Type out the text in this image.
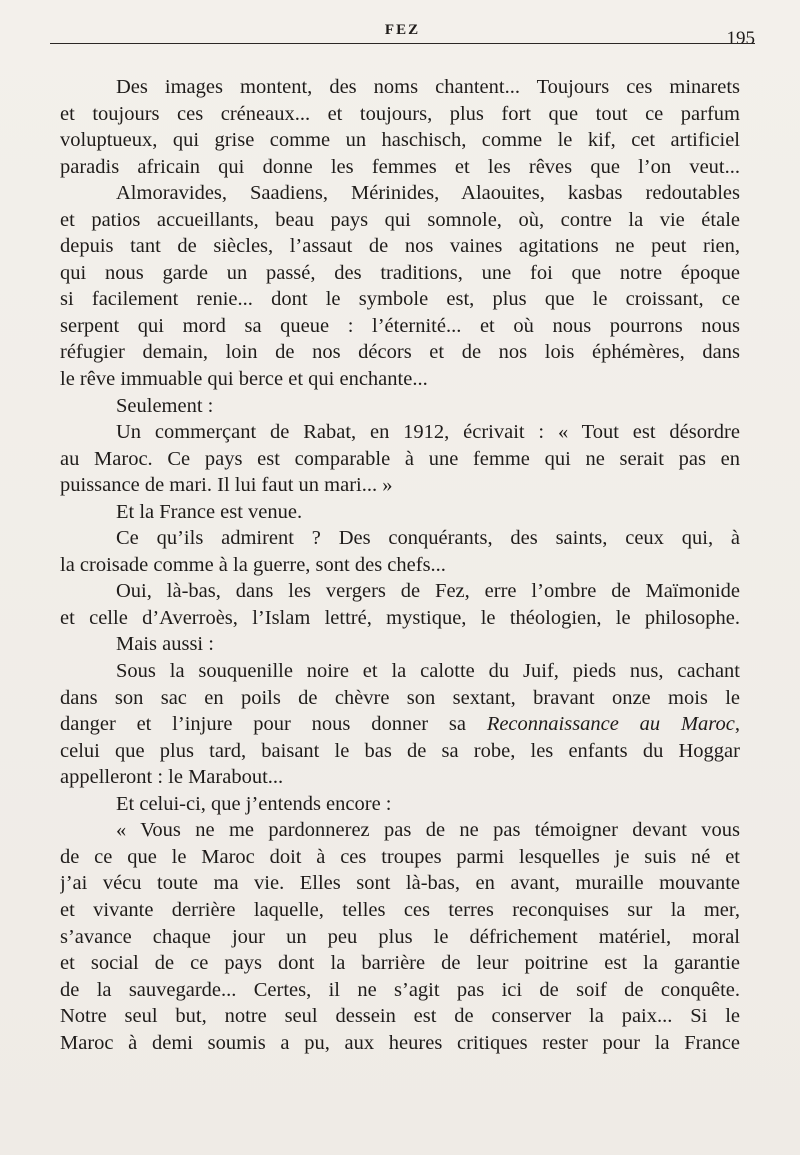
FEZ	195
Des images montent, des noms chantent... Toujours ces minarets
et toujours ces créneaux... et toujours, plus fort que tout ce parfum
voluptueux, qui grise comme un haschisch, comme le kif, cet artificiel
paradis africain qui donne les femmes et les rêves que l’on veut...
Almoravides, Saadiens, Mérinides, Alaouites, kasbas redoutables
et patios accueillants, beau pays qui somnole, où, contre la vie étale
depuis tant de siècles, l’assaut de nos vaines agitations ne peut rien,
qui nous garde un passé, des traditions, une foi que notre époque
si facilement renie... dont le symbole est, plus que le croissant, ce
serpent qui mord sa queue : l’éternité... et où nous pourrons nous
réfugier demain, loin de nos décors et de nos lois éphémères, dans
le rêve immuable qui berce et qui enchante...
Seulement :
Un commerçant de Rabat, en 1912, écrivait : « Tout est désordre
au Maroc. Ce pays est comparable à une femme qui ne serait pas en
puissance de mari. Il lui faut un mari... »
Et la France est venue.
Ce qu’ils admirent ? Des conquérants, des saints, ceux qui, à
la croisade comme à la guerre, sont des chefs...
Oui, là-bas, dans les vergers de Fez, erre l’ombre de Maïmonide
et celle d’Averroès, l’Islam lettré, mystique, le théologien, le philosophe.
Mais aussi :
Sous la souquenille noire et la calotte du Juif, pieds nus, cachant
dans son sac en poils de chèvre son sextant, bravant onze mois le
danger et l’injure pour nous donner sa Reconnaissance au Maroc,
celui que plus tard, baisant le bas de sa robe, les enfants du Hoggar
appelleront : le Marabout...
Et celui-ci, que j’entends encore :
« Vous ne me pardonnerez pas de ne pas témoigner devant vous
de ce que le Maroc doit à ces troupes parmi lesquelles je suis né et
j’ai vécu toute ma vie. Elles sont là-bas, en avant, muraille mouvante
et vivante derrière laquelle, telles ces terres reconquises sur la mer,
s’avance chaque jour un peu plus le défrichement matériel, moral
et social de ce pays dont la barrière de leur poitrine est la garantie
de la sauvegarde... Certes, il ne s’agit pas ici de soif de conquête.
Notre seul but, notre seul dessein est de conserver la paix... Si le
Maroc à demi soumis a pu, aux heures critiques rester pour la France
